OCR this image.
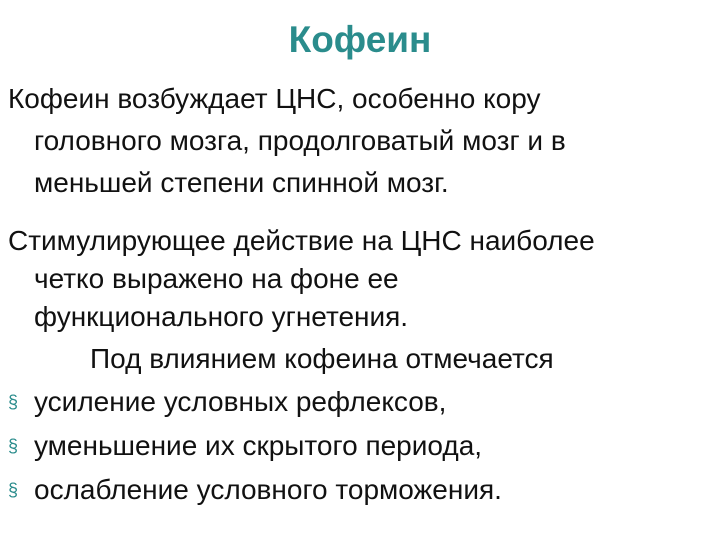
Кофеин

Кофеин возбуждает ЦНС, особенно кору
головного мозга, продолговатый мозг и в
меньшей степени спинной мозг.

Стимулирующее действие на ЦНС наиболее
четко выражено на фоне ее
функционального угнетения.

Под влиянием кофеина отмечается
§ усиление условных рефлексов,
§ уменьшение их скрытого периода,
§ ослабление условного торможения.
